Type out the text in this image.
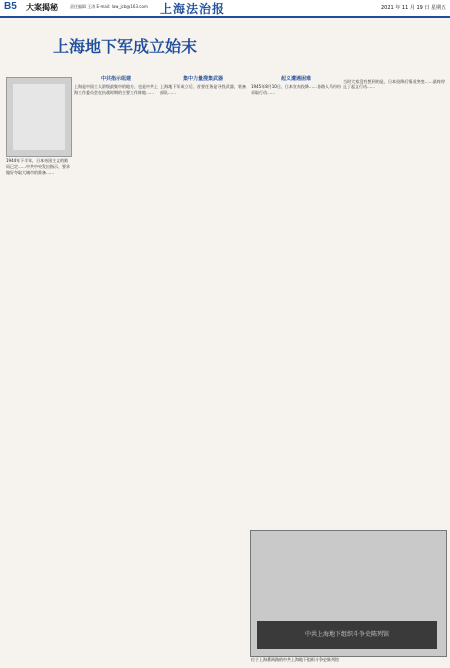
B5 大案揭秘	责任编辑 王涛 E-mail: law_jcb@163.com 上海法治报	2021 年 11 月 19 日 星期五
上海地下军成立始末
1944年下半年，日本帝国主义的败局已定……中共中央发出指示，要求做好夺取大城市的准备……
中共指示组建

上海是中国工人阶级最集中的地方，也是中共上海工作委员会在抗战时期的主要工作阵地……

集中力量搜集武器

上海地下军成立后，首要任务是寻找武器，装备部队……

起义遭遇困难

1945年8月10日，日本宣布投降……各路人马纷纷采取行动……

当时大家没有想到的是，日本投降后情况突变……最终停止了起义行动……

中共上海地下组织斗争史陈列馆
位于上海番禺路的中共上海地下组织斗争史陈列馆
